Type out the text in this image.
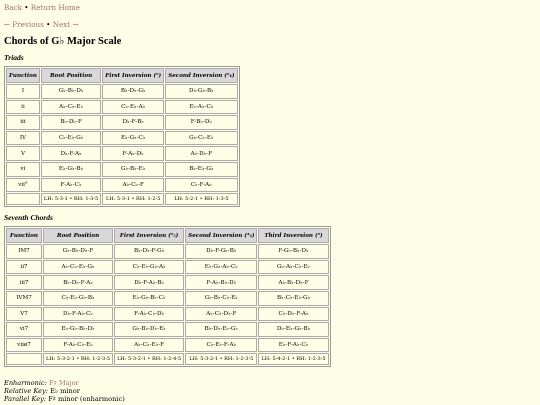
Back • Return Home
← Previous • Next →
Chords of G♭ Major Scale
Triads
Function	Root Position	First Inversion (⁶)	Second Inversion (⁶₄)
I	G♭-B♭-D♭	B♭-D♭-G♭	D♭-G♭-B♭
ii	A♭-C♭-E♭	C♭-E♭-A♭	E♭-A♭-C♭
iii	B♭-D♭-F	D♭-F-B♭	F-B♭-D♭
IV	C♭-E♭-G♭	E♭-G♭-C♭	G♭-C♭-E♭
V	D♭-F-A♭	F-A♭-D♭	A♭-D♭-F
vi	E♭-G♭-B♭	G♭-B♭-E♭	B♭-E♭-G♭
vii°	F-A♭-C♭	A♭-C♭-F	C♭-F-A♭
	LH: 5-3-1 • RH: 1-3-5	LH: 5-3-1 • RH: 1-2-5	LH: 5-2-1 • RH: 1-3-5
Seventh Chords
Function	Root Position	First Inversion (⁶₅)	Second Inversion (⁴₃)	Third Inversion (²)
IM7	G♭-B♭-D♭-F	B♭-D♭-F-G♭	D♭-F-G♭-B♭	F-G♭-B♭-D♭
ii7	A♭-C♭-E♭-G♭	C♭-E♭-G♭-A♭	E♭-G♭-A♭-C♭	G♭-A♭-C♭-E♭
iii7	B♭-D♭-F-A♭	D♭-F-A♭-B♭	F-A♭-B♭-D♭	A♭-B♭-D♭-F
IVM7	C♭-E♭-G♭-B♭	E♭-G♭-B♭-C♭	G♭-B♭-C♭-E♭	B♭-C♭-E♭-G♭
V7	D♭-F-A♭-C♭	F-A♭-C♭-D♭	A♭-C♭-D♭-F	C♭-D♭-F-A♭
vi7	E♭-G♭-B♭-D♭	G♭-B♭-D♭-E♭	B♭-D♭-E♭-G♭	D♭-E♭-G♭-B♭
viiø7	F-A♭-C♭-E♭	A♭-C♭-E♭-F	C♭-E♭-F-A♭	E♭-F-A♭-C♭
	LH: 5-3-2-1 • RH: 1-2-3-5	LH: 5-3-2-1 • RH: 1-2-4-5	LH: 5-3-2-1 • RH: 1-2-3-5	LH: 5-4-2-1 • RH: 1-2-3-5
Enharmonic: F♯ Major
Relative Key: E♭ minor
Parallel Key: F♯ minor (enharmonic)
